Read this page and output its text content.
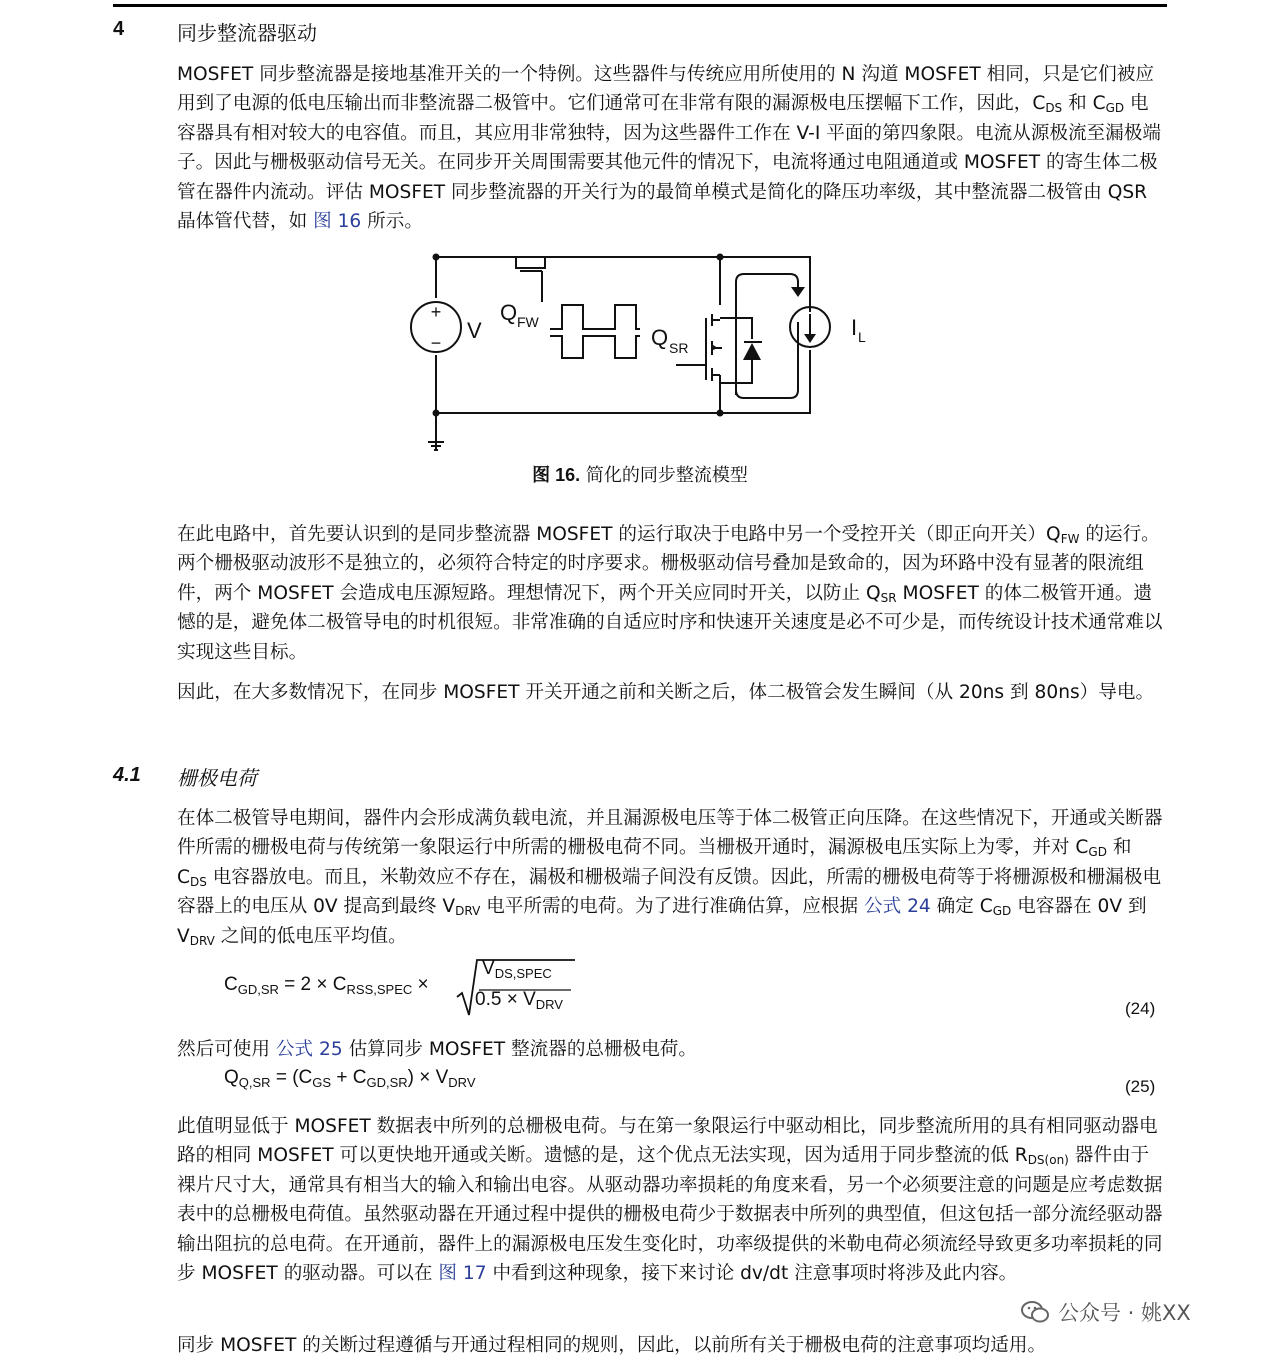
4	同步整流器驱动

MOSFET 同步整流器是接地基准开关的一个特例。这些器件与传统应用所使用的 N 沟道 MOSFET 相同，只是它们被应用到了电源的低电压输出而非整流器二极管中。它们通常可在非常有限的漏源极电压摆幅下工作，因此，$C_{DS}$ 和 $C_{GD}$ 电容器具有相对较大的电容值。而且，其应用非常独特，因为这些器件工作在 V-I 平面的第四象限。电流从源极流至漏极端子。因此与栅极驱动信号无关。在同步开关周围需要其他元件的情况下，电流将通过电阻通道或 MOSFET 的寄生体二极管在器件内流动。评估 MOSFET 同步整流器的开关行为的最简单模式是简化的降压功率级，其中整流器二极管由 QSR 晶体管代替，如 图 16 所示。

+
− V
Q FW
Q SR
I L
图 16. 简化的同步整流模型

在此电路中，首先要认识到的是同步整流器 MOSFET 的运行取决于电路中另一个受控开关（即正向开关）$Q_{FW}$ 的运行。两个栅极驱动波形不是独立的，必须符合特定的时序要求。栅极驱动信号叠加是致命的，因为环路中没有显著的限流组件，两个 MOSFET 会造成电压源短路。理想情况下，两个开关应同时开关，以防止 $Q_{SR}$ MOSFET 的体二极管开通。遗憾的是，避免体二极管导电的时机很短。非常准确的自适应时序和快速开关速度是必不可少是，而传统设计技术通常难以实现这些目标。

因此，在大多数情况下，在同步 MOSFET 开关开通之前和关断之后，体二极管会发生瞬间（从 20ns 到 80ns）导电。

4.1 栅极电荷

在体二极管导电期间，器件内会形成满负载电流，并且漏源极电压等于体二极管正向压降。在这些情况下，开通或关断器件所需的栅极电荷与传统第一象限运行中所需的栅极电荷不同。当栅极开通时，漏源极电压实际上为零，并对 $C_{GD}$ 和 $C_{DS}$ 电容器放电。而且，米勒效应不存在，漏极和栅极端子间没有反馈。因此，所需的栅极电荷等于将栅源极和栅漏极电容器上的电压从 0V 提高到最终 $V_{DRV}$ 电平所需的电荷。为了进行准确估算，应根据 公式 24 确定 $C_{GD}$ 电容器在 0V 到 $V_{DRV}$ 之间的低电压平均值。

$C_{GD,SR} = 2 \times C_{RSS,SPEC}$ ×
$V_{DS,SPEC}$
$0.5 \times V_{DRV}$	(24)

然后可使用 公式 25 估算同步 MOSFET 整流器的总栅极电荷。

$Q_{Q,SR} = (C_{GS} + C_{GD,SR}) \times V_{DRV}$	(25)

此值明显低于 MOSFET 数据表中所列的总栅极电荷。与在第一象限运行中驱动相比，同步整流所用的具有相同驱动器电路的相同 MOSFET 可以更快地开通或关断。遗憾的是，这个优点无法实现，因为适用于同步整流的低 $R_{DS(on)}$ 器件由于裸片尺寸大，通常具有相当大的输入和输出电容。从驱动器功率损耗的角度来看，另一个必须要注意的问题是应考虑数据表中的总栅极电荷值。虽然驱动器在开通过程中提供的栅极电荷少于数据表中所列的典型值，但这包括一部分流经驱动器输出阻抗的总电荷。在开通前，器件上的漏源极电压发生变化时，功率级提供的米勒电荷必须流经导致更多功率损耗的同步 MOSFET 的驱动器。可以在 图 17 中看到这种现象，接下来讨论 dv/dt 注意事项时将涉及此内容。

同步 MOSFET 的关断过程遵循与开通过程相同的规则，因此，以前所有关于栅极电荷的注意事项均适用。

公众号 · 姚XX
